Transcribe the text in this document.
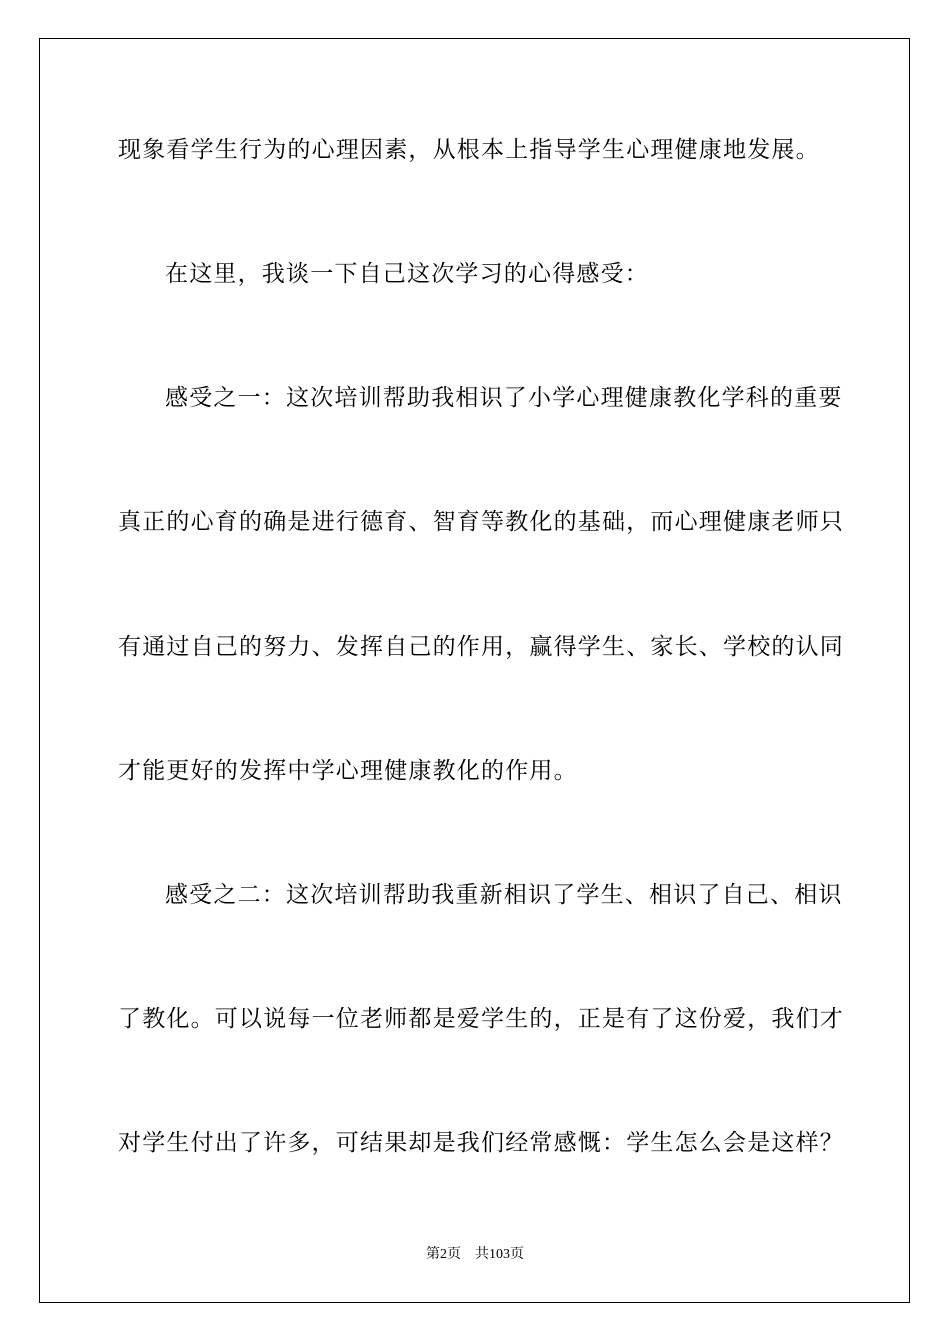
现象看学生行为的心理因素，从根本上指导学生心理健康地发展。
在这里，我谈一下自己这次学习的心得感受：
感受之一：这次培训帮助我相识了小学心理健康教化学科的重要
真正的心育的确是进行德育、智育等教化的基础，而心理健康老师只
有通过自己的努力、发挥自己的作用，赢得学生、家长、学校的认同
才能更好的发挥中学心理健康教化的作用。
感受之二：这次培训帮助我重新相识了学生、相识了自己、相识
了教化。可以说每一位老师都是爱学生的，正是有了这份爱，我们才
对学生付出了许多，可结果却是我们经常感慨：学生怎么会是这样？
第2页 共103页
